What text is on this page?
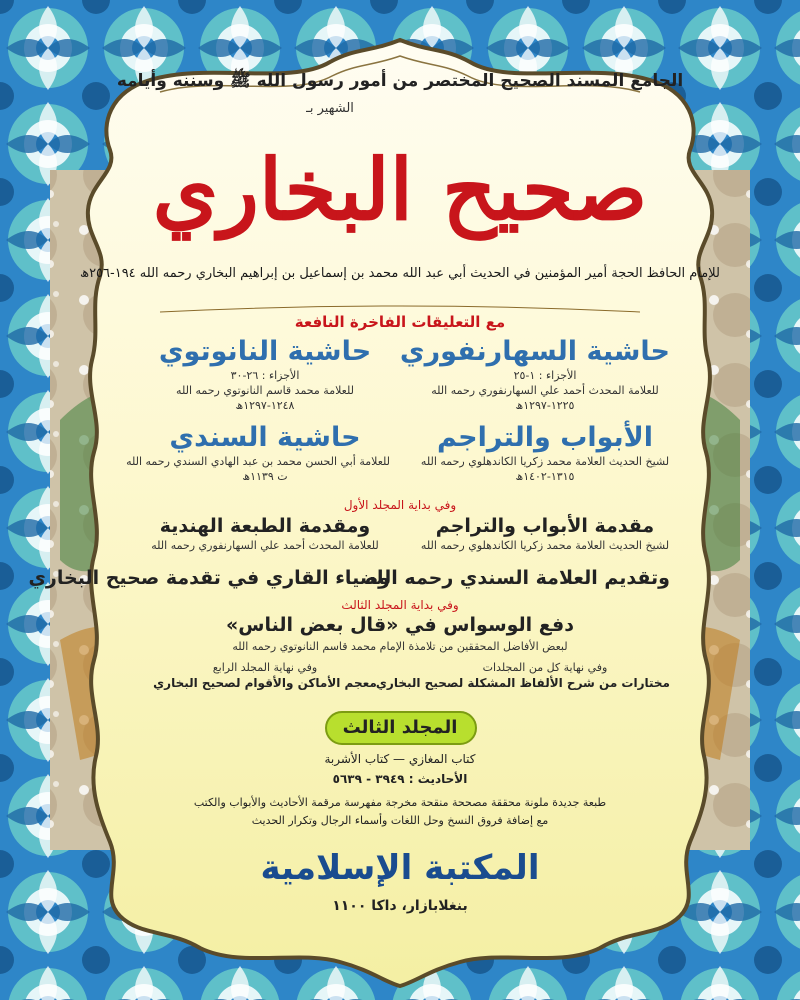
الجامع المسند الصحيح المختصر من أمور رسول الله ﷺ وسننه وأيامه
الشهير بـ
صحيح البخاري
للإمام الحافظ الحجة أمير المؤمنين في الحديث أبي عبد الله محمد بن إسماعيل بن إبراهيم البخاري رحمه الله ١٩٤-٢٥٦ھ
مع التعليقات الفاخرة النافعة
حاشية السهارنفوري
الأجزاء : ١-٢٥
للعلامة المحدث أحمد علي السهارنفوري رحمه الله
١٢٢٥-١٢٩٧ھ
حاشية النانوتوي
الأجزاء : ٢٦-٣٠
للعلامة محمد قاسم النانوتوي رحمه الله
١٢٤٨-١٢٩٧ھ
الأبواب والتراجم
لشيخ الحديث العلامة محمد زكريا الكاندهلوي رحمه الله
١٣١٥-١٤٠٢ھ
حاشية السندي
للعلامة أبي الحسن محمد بن عبد الهادي السندي رحمه الله
ت ١١٣٩ھ
وفي بداية المجلد الأول
مقدمة الأبواب والتراجم
لشيخ الحديث العلامة محمد زكريا الكاندهلوي رحمه الله
ومقدمة الطبعة الهندية
للعلامة المحدث أحمد علي السهارنفوري رحمه الله
وتقديم العلامة السندي رحمه الله
وضياء القاري في تقدمة صحيح البخاري
وفي بداية المجلد الثالث
دفع الوسواس في «قال بعض الناس»
لبعض الأفاضل المحققين من تلامذة الإمام محمد قاسم النانوتوي رحمه الله
وفي نهاية كل من المجلدات
مختارات من شرح الألفاظ المشكلة لصحيح البخاري
وفي نهاية المجلد الرابع
معجم الأماكن والأقوام لصحيح البخاري
المجلد الثالث
كتاب المغازي — كتاب الأشربة
الأحاديث : ٣٩٤٩ - ٥٦٣٩
طبعة جديدة ملونة محققة مصححة منقحة مخرجة مفهرسة مرقمة الأحاديث والأبواب والكتب
مع إضافة فروق النسخ وحل اللغات وأسماء الرجال وتكرار الحديث
المكتبة الإسلامية
بنغلابازار، داكا ١١٠٠
